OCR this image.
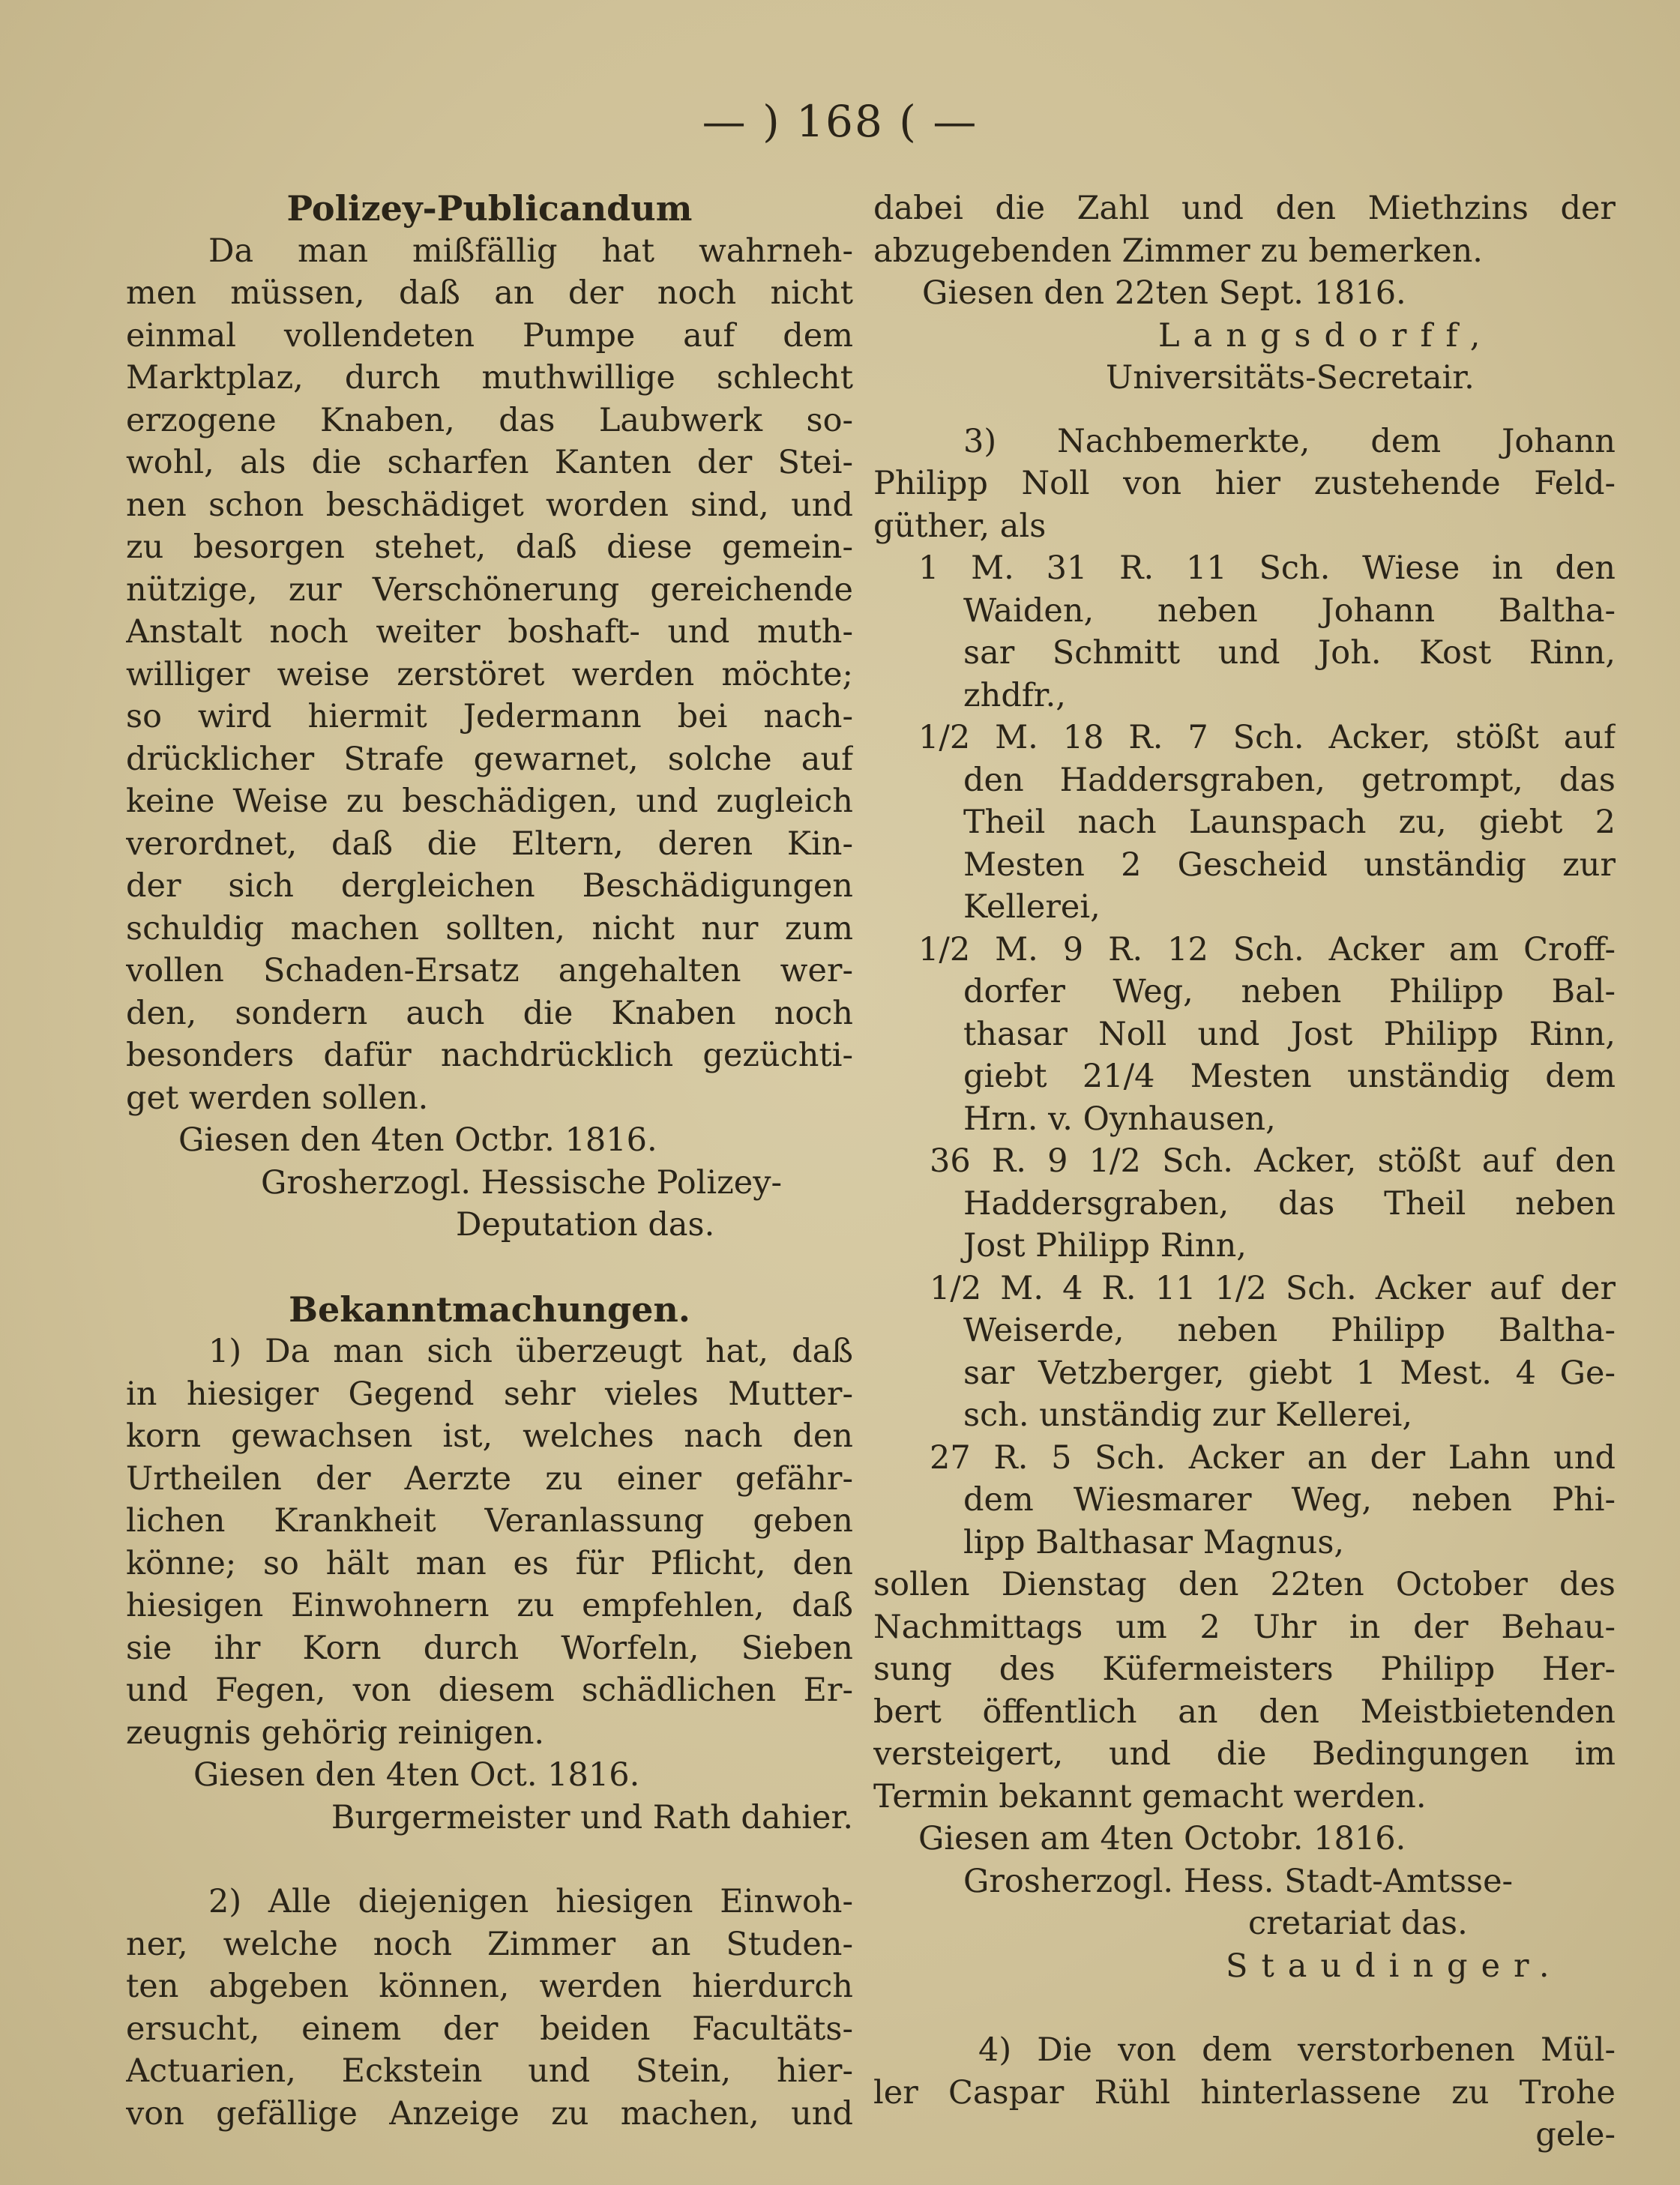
— ) 168 ( —
Polizey-Publicandum
Da man mißfällig hat wahrneh-
men müssen, daß an der noch nicht
einmal vollendeten Pumpe auf dem
Marktplaz, durch muthwillige schlecht
erzogene Knaben, das Laubwerk so-
wohl, als die scharfen Kanten der Stei-
nen schon beschädiget worden sind, und
zu besorgen stehet, daß diese gemein-
nützige, zur Verschönerung gereichende
Anstalt noch weiter boshaft- und muth-
williger weise zerstöret werden möchte;
so wird hiermit Jedermann bei nach-
drücklicher Strafe gewarnet, solche auf
keine Weise zu beschädigen, und zugleich
verordnet, daß die Eltern, deren Kin-
der sich dergleichen Beschädigungen
schuldig machen sollten, nicht nur zum
vollen Schaden-Ersatz angehalten wer-
den, sondern auch die Knaben noch
besonders dafür nachdrücklich gezüchti-
get werden sollen.
Giesen den 4ten Octbr. 1816.
Grosherzogl. Hessische Polizey-
Deputation das.
Bekanntmachungen.
1) Da man sich überzeugt hat, daß
in hiesiger Gegend sehr vieles Mutter-
korn gewachsen ist, welches nach den
Urtheilen der Aerzte zu einer gefähr-
lichen Krankheit Veranlassung geben
könne; so hält man es für Pflicht, den
hiesigen Einwohnern zu empfehlen, daß
sie ihr Korn durch Worfeln, Sieben
und Fegen, von diesem schädlichen Er-
zeugnis gehörig reinigen.
Giesen den 4ten Oct. 1816.
Burgermeister und Rath dahier.
2) Alle diejenigen hiesigen Einwoh-
ner, welche noch Zimmer an Studen-
ten abgeben können, werden hierdurch
ersucht, einem der beiden Facultäts-
Actuarien, Eckstein und Stein, hier-
von gefällige Anzeige zu machen, und
dabei die Zahl und den Miethzins der
abzugebenden Zimmer zu bemerken.
Giesen den 22ten Sept. 1816.
Langsdorff,
Universitäts-Secretair.
3) Nachbemerkte, dem Johann
Philipp Noll von hier zustehende Feld-
güther, als
1 M. 31 R. 11 Sch. Wiese in den
Waiden, neben Johann Baltha-
sar Schmitt und Joh. Kost Rinn,
zhdfr.,
1/2 M. 18 R. 7 Sch. Acker, stößt auf
den Haddersgraben, getrompt, das
Theil nach Launspach zu, giebt 2
Mesten 2 Gescheid unständig zur
Kellerei,
1/2 M. 9 R. 12 Sch. Acker am Croff-
dorfer Weg, neben Philipp Bal-
thasar Noll und Jost Philipp Rinn,
giebt 21/4 Mesten unständig dem
Hrn. v. Oynhausen,
36 R. 9 1/2 Sch. Acker, stößt auf den
Haddersgraben, das Theil neben
Jost Philipp Rinn,
1/2 M. 4 R. 11 1/2 Sch. Acker auf der
Weiserde, neben Philipp Baltha-
sar Vetzberger, giebt 1 Mest. 4 Ge-
sch. unständig zur Kellerei,
27 R. 5 Sch. Acker an der Lahn und
dem Wiesmarer Weg, neben Phi-
lipp Balthasar Magnus,
sollen Dienstag den 22ten October des
Nachmittags um 2 Uhr in der Behau-
sung des Küfermeisters Philipp Her-
bert öffentlich an den Meistbietenden
versteigert, und die Bedingungen im
Termin bekannt gemacht werden.
Giesen am 4ten Octobr. 1816.
Grosherzogl. Hess. Stadt-Amtsse-
cretariat das.
Staudinger.
4) Die von dem verstorbenen Mül-
ler Caspar Rühl hinterlassene zu Trohe
gele-
